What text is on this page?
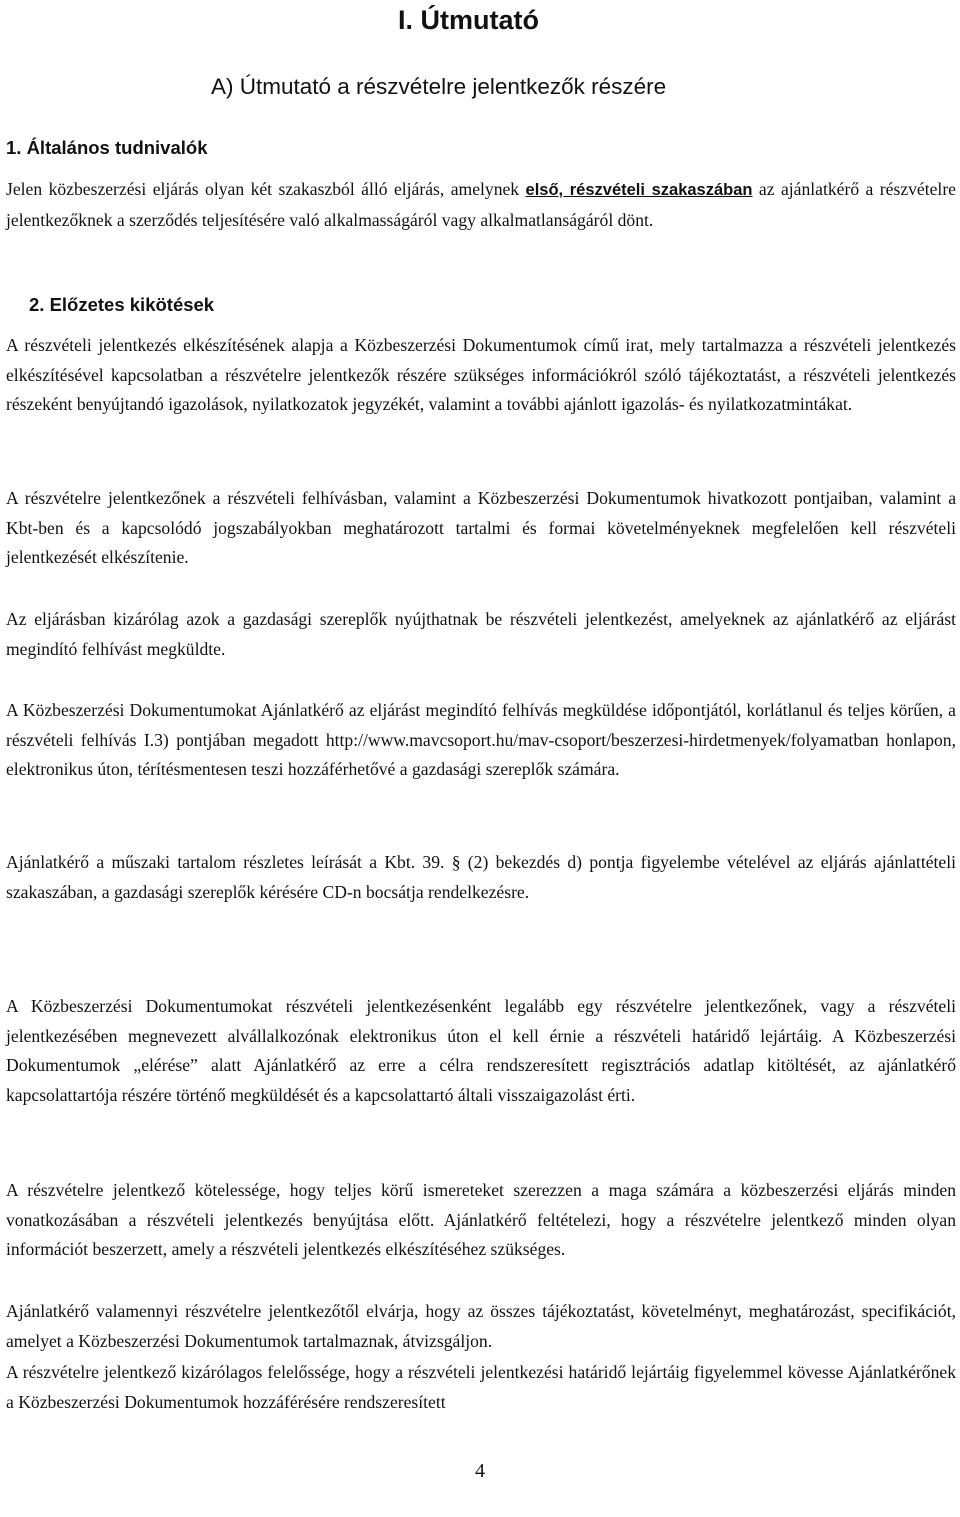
I. Útmutató
A) Útmutató a részvételre jelentkezők részére
1. Általános tudnivalók

Jelen közbeszerzési eljárás olyan két szakaszból álló eljárás, amelynek első, részvételi szakaszában az ajánlatkérő a részvételre jelentkezőknek a szerződés teljesítésére való alkalmasságáról vagy alkalmatlanságáról dönt.

2. Előzetes kikötések

A részvételi jelentkezés elkészítésének alapja a Közbeszerzési Dokumentumok című irat, mely tartalmazza a részvételi jelentkezés elkészítésével kapcsolatban a részvételre jelentkezők részére szükséges információkról szóló tájékoztatást, a részvételi jelentkezés részeként benyújtandó igazolások, nyilatkozatok jegyzékét, valamint a további ajánlott igazolás- és nyilatkozatmintákat.

A részvételre jelentkezőnek a részvételi felhívásban, valamint a Közbeszerzési Dokumentumok hivatkozott pontjaiban, valamint a Kbt-ben és a kapcsolódó jogszabályokban meghatározott tartalmi és formai követelményeknek megfelelően kell részvételi jelentkezését elkészítenie.

Az eljárásban kizárólag azok a gazdasági szereplők nyújthatnak be részvételi jelentkezést, amelyeknek az ajánlatkérő az eljárást megindító felhívást megküldte.

A Közbeszerzési Dokumentumokat Ajánlatkérő az eljárást megindító felhívás megküldése időpontjától, korlátlanul és teljes körűen, a részvételi felhívás I.3) pontjában megadott http://www.mavcsoport.hu/mav-csoport/beszerzesi-hirdetmenyek/folyamatban honlapon, elektronikus úton, térítésmentesen teszi hozzáférhetővé a gazdasági szereplők számára.

Ajánlatkérő a műszaki tartalom részletes leírását a Kbt. 39. § (2) bekezdés d) pontja figyelembe vételével az eljárás ajánlattételi szakaszában, a gazdasági szereplők kérésére CD-n bocsátja rendelkezésre.

A Közbeszerzési Dokumentumokat részvételi jelentkezésenként legalább egy részvételre jelentkezőnek, vagy a részvételi jelentkezésében megnevezett alvállalkozónak elektronikus úton el kell érnie a részvételi határidő lejártáig. A Közbeszerzési Dokumentumok „elérése” alatt Ajánlatkérő az erre a célra rendszeresített regisztrációs adatlap kitöltését, az ajánlatkérő kapcsolattartója részére történő megküldését és a kapcsolattartó általi visszaigazolást érti.

A részvételre jelentkező kötelessége, hogy teljes körű ismereteket szerezzen a maga számára a közbeszerzési eljárás minden vonatkozásában a részvételi jelentkezés benyújtása előtt. Ajánlatkérő feltételezi, hogy a részvételre jelentkező minden olyan információt beszerzett, amely a részvételi jelentkezés elkészítéséhez szükséges.

Ajánlatkérő valamennyi részvételre jelentkezőtől elvárja, hogy az összes tájékoztatást, követelményt, meghatározást, specifikációt, amelyet a Közbeszerzési Dokumentumok tartalmaznak, átvizsgáljon.

A részvételre jelentkező kizárólagos felelőssége, hogy a részvételi jelentkezési határidő lejártáig figyelemmel kövesse Ajánlatkérőnek a Közbeszerzési Dokumentumok hozzáférésére rendszeresített

4
